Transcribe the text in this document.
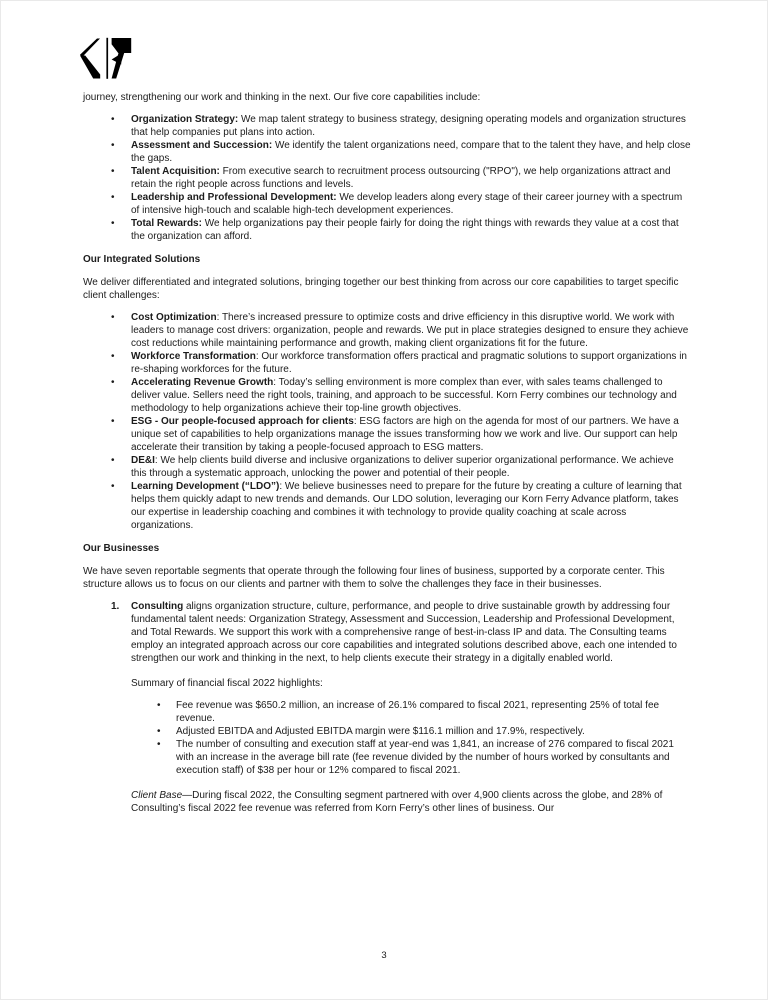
journey, strengthening our work and thinking in the next. Our five core capabilities include:

• Organization Strategy: We map talent strategy to business strategy, designing operating models and organization structures that help companies put plans into action.
• Assessment and Succession: We identify the talent organizations need, compare that to the talent they have, and help close the gaps.
• Talent Acquisition: From executive search to recruitment process outsourcing ("RPO"), we help organizations attract and retain the right people across functions and levels.
• Leadership and Professional Development: We develop leaders along every stage of their career journey with a spectrum of intensive high-touch and scalable high-tech development experiences.
• Total Rewards: We help organizations pay their people fairly for doing the right things with rewards they value at a cost that the organization can afford.
Our Integrated Solutions

We deliver differentiated and integrated solutions, bringing together our best thinking from across our core capabilities to target specific client challenges:

• Cost Optimization: There’s increased pressure to optimize costs and drive efficiency in this disruptive world. We work with leaders to manage cost drivers: organization, people and rewards. We put in place strategies designed to ensure they achieve cost reductions while maintaining performance and growth, making client organizations fit for the future.
• Workforce Transformation: Our workforce transformation offers practical and pragmatic solutions to support organizations in re-shaping workforces for the future.
• Accelerating Revenue Growth: Today’s selling environment is more complex than ever, with sales teams challenged to deliver value. Sellers need the right tools, training, and approach to be successful. Korn Ferry combines our technology and methodology to help organizations achieve their top-line growth objectives.
• ESG - Our people-focused approach for clients: ESG factors are high on the agenda for most of our partners. We have a unique set of capabilities to help organizations manage the issues transforming how we work and live. Our support can help accelerate their transition by taking a people-focused approach to ESG matters.
• DE&I: We help clients build diverse and inclusive organizations to deliver superior organizational performance. We achieve this through a systematic approach, unlocking the power and potential of their people.
• Learning Development (“LDO”): We believe businesses need to prepare for the future by creating a culture of learning that helps them quickly adapt to new trends and demands. Our LDO solution, leveraging our Korn Ferry Advance platform, takes our expertise in leadership coaching and combines it with technology to provide quality coaching at scale across organizations.
Our Businesses

We have seven reportable segments that operate through the following four lines of business, supported by a corporate center. This structure allows us to focus on our clients and partner with them to solve the challenges they face in their businesses.

1. Consulting aligns organization structure, culture, performance, and people to drive sustainable growth by addressing four fundamental talent needs: Organization Strategy, Assessment and Succession, Leadership and Professional Development, and Total Rewards. We support this work with a comprehensive range of best-in-class IP and data. The Consulting teams employ an integrated approach across our core capabilities and integrated solutions described above, each one intended to strengthen our work and thinking in the next, to help clients execute their strategy in a digitally enabled world.

Summary of financial fiscal 2022 highlights:

• Fee revenue was $650.2 million, an increase of 26.1% compared to fiscal 2021, representing 25% of total fee revenue.
• Adjusted EBITDA and Adjusted EBITDA margin were $116.1 million and 17.9%, respectively.
• The number of consulting and execution staff at year-end was 1,841, an increase of 276 compared to fiscal 2021 with an increase in the average bill rate (fee revenue divided by the number of hours worked by consultants and execution staff) of $38 per hour or 12% compared to fiscal 2021.

Client Base—During fiscal 2022, the Consulting segment partnered with over 4,900 clients across the globe, and 28% of Consulting’s fiscal 2022 fee revenue was referred from Korn Ferry’s other lines of business. Our

3
